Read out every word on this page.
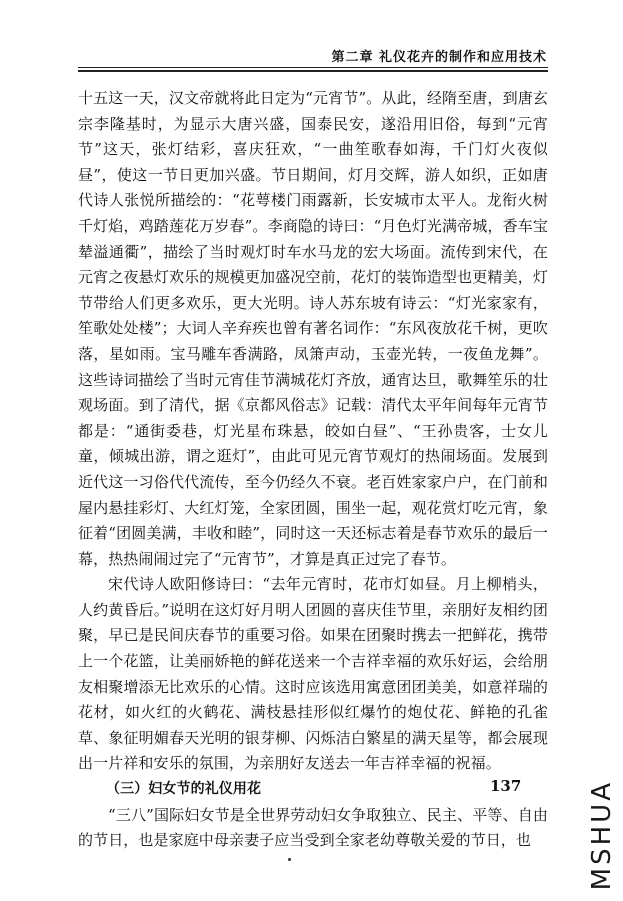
第二章 礼仪花卉的制作和应用技术

十五这一天，汉文帝就将此日定为“元宵节”。从此，经隋至唐，到唐玄宗李隆基时，为显示大唐兴盛，国泰民安，遂沿用旧俗，每到“元宵节”这天，张灯结彩，喜庆狂欢，“一曲笙歌春如海，千门灯火夜似昼”，使这一节日更加兴盛。节日期间，灯月交辉，游人如织，正如唐代诗人张悦所描绘的：“花萼楼门雨露新，长安城市太平人。龙衔火树千灯焰，鸡踏莲花万岁春”。李商隐的诗曰：“月色灯光满帝城，香车宝辇溢通衢”，描绘了当时观灯时车水马龙的宏大场面。流传到宋代，在元宵之夜悬灯欢乐的规模更加盛况空前，花灯的装饰造型也更精美，灯节带给人们更多欢乐，更大光明。诗人苏东坡有诗云：“灯光家家有，笙歌处处楼”；大词人辛弃疾也曾有著名词作：“东风夜放花千树，更吹落，星如雨。宝马雕车香满路，凤箫声动，玉壶光转，一夜鱼龙舞”。这些诗词描绘了当时元宵佳节满城花灯齐放，通宵达旦，歌舞笙乐的壮观场面。到了清代，据《京都风俗志》记载：清代太平年间每年元宵节都是：“通街委巷，灯光星布珠悬，皎如白昼”、“王孙贵客，士女儿童，倾城出游，谓之逛灯”，由此可见元宵节观灯的热闹场面。发展到近代这一习俗代代流传，至今仍经久不衰。老百姓家家户户，在门前和屋内悬挂彩灯、大红灯笼，全家团圆，围坐一起，观花赏灯吃元宵，象征着“团圆美满，丰收和睦”，同时这一天还标志着是春节欢乐的最后一幕，热热闹闹过完了“元宵节”，才算是真正过完了春节。

宋代诗人欧阳修诗曰：“去年元宵时，花市灯如昼。月上柳梢头，人约黄昏后。”说明在这灯好月明人团圆的喜庆佳节里，亲朋好友相约团聚，早已是民间庆春节的重要习俗。如果在团聚时携去一把鲜花，携带上一个花篮，让美丽娇艳的鲜花送来一个吉祥幸福的欢乐好运，会给朋友相聚增添无比欢乐的心情。这时应该选用寓意团团美美，如意祥瑞的花材，如火红的火鹤花、满枝悬挂形似红爆竹的炮仗花、鲜艳的孔雀草、象征明媚春天光明的银芽柳、闪烁洁白繁星的满天星等，都会展现出一片祥和安乐的氛围，为亲朋好友送去一年吉祥幸福的祝福。

（三）妇女节的礼仪用花

“三八”国际妇女节是全世界劳动妇女争取独立、民主、平等、自由的节日，也是家庭中母亲妻子应当受到全家老幼尊敬关爱的节日，也

137	MSHUA
